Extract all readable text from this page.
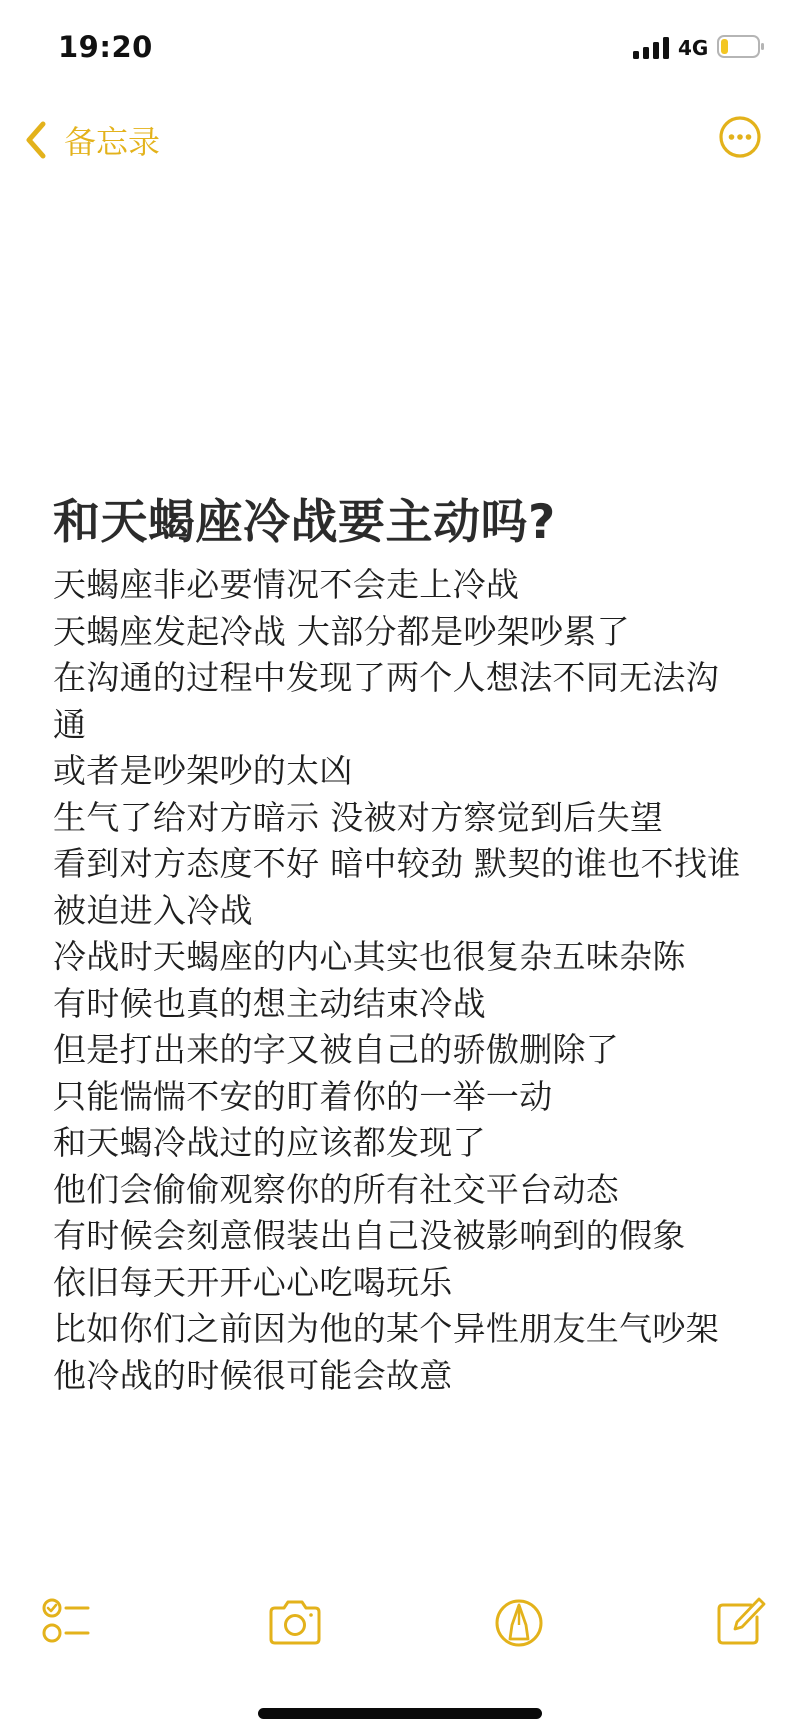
19:20	4G
备忘录
和天蝎座冷战要主动吗?
天蝎座非必要情况不会走上冷战
天蝎座发起冷战 大部分都是吵架吵累了
在沟通的过程中发现了两个人想法不同无法沟
通
或者是吵架吵的太凶
生气了给对方暗示 没被对方察觉到后失望
看到对方态度不好 暗中较劲 默契的谁也不找谁
被迫进入冷战
冷战时天蝎座的内心其实也很复杂五味杂陈
有时候也真的想主动结束冷战
但是打出来的字又被自己的骄傲删除了
只能惴惴不安的盯着你的一举一动
和天蝎冷战过的应该都发现了
他们会偷偷观察你的所有社交平台动态
有时候会刻意假装出自己没被影响到的假象
依旧每天开开心心吃喝玩乐
比如你们之前因为他的某个异性朋友生气吵架
他冷战的时候很可能会故意
